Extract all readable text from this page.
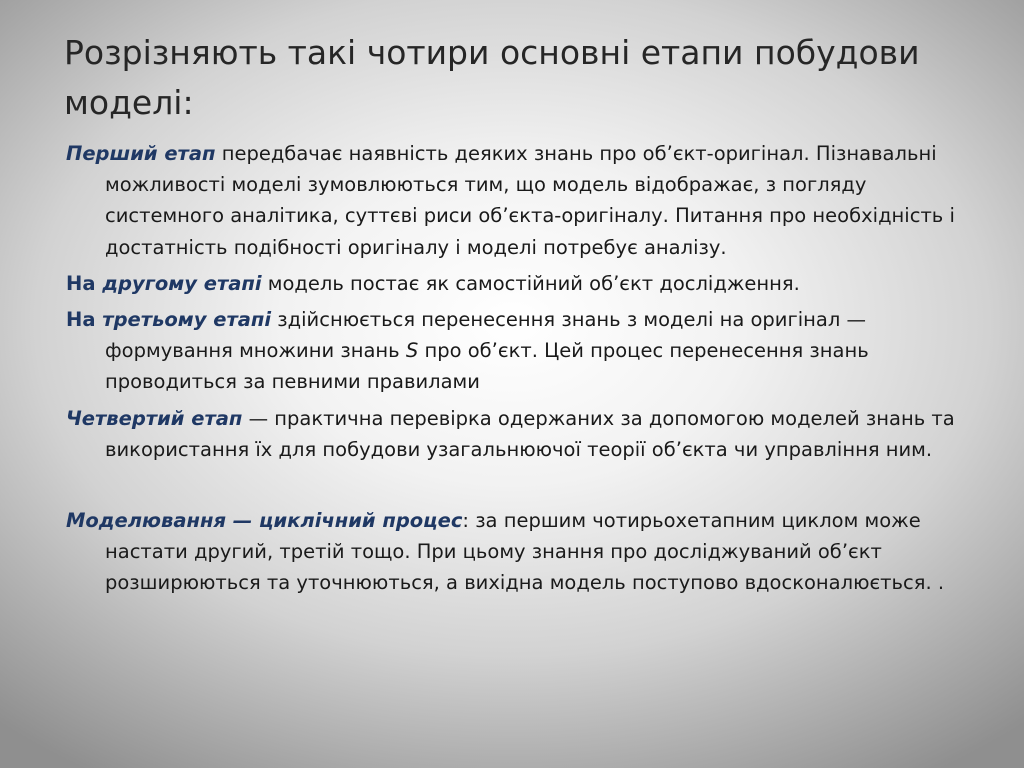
Розрізняють такі чотири основні етапи побудови моделі:

Перший етап передбачає наявність деяких знань про об’єкт-оригінал. Пізнавальні можливості моделі зумовлюються тим, що модель відображає, з погляду системного аналітика, суттєві риси об’єкта-оригіналу. Питання про необхідність і достатність подібності оригіналу і моделі потребує аналізу.

На другому етапі модель постає як самостійний об’єкт дослідження.

На третьому етапі здійснюється перенесення знань з моделі на оригінал — формування множини знань S про об’єкт. Цей процес перенесення знань проводиться за певними правилами

Четвертий етап — практична перевірка одержаних за допомогою моделей знань та використання їх для побудови узагальнюючої теорії об’єкта чи управління ним.

Моделювання — циклічний процес: за першим чотирьохетапним циклом може настати другий, третій тощо. При цьому знання про досліджуваний об’єкт розширюються та уточнюються, а вихідна модель поступово вдосконалюється. .
